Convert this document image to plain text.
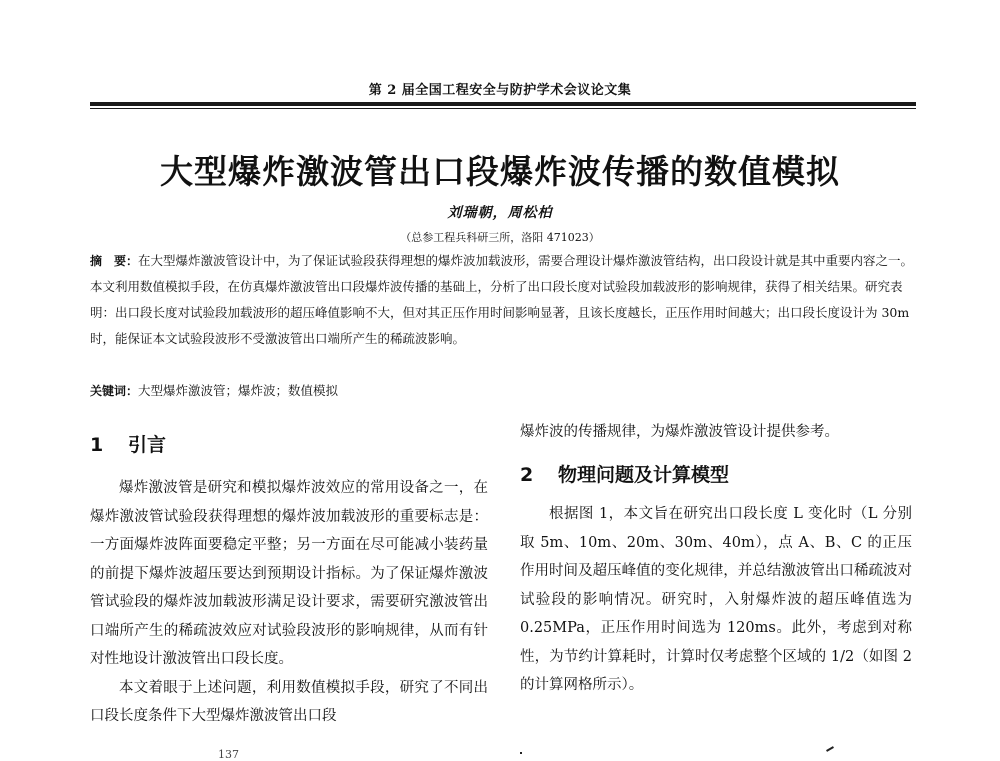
第 2 届全国工程安全与防护学术会议论文集
大型爆炸激波管出口段爆炸波传播的数值模拟
刘瑞朝，周松柏
（总参工程兵科研三所，洛阳 471023）
摘　要：在大型爆炸激波管设计中，为了保证试验段获得理想的爆炸波加载波形，需要合理设计爆炸激波管结构，出口段设计就是其中重要内容之一。本文利用数值模拟手段，在仿真爆炸激波管出口段爆炸波传播的基础上，分析了出口段长度对试验段加载波形的影响规律，获得了相关结果。研究表明：出口段长度对试验段加载波形的超压峰值影响不大，但对其正压作用时间影响显著，且该长度越长，正压作用时间越大；出口段长度设计为 30m 时，能保证本文试验段波形不受激波管出口端所产生的稀疏波影响。
关键词：大型爆炸激波管；爆炸波；数值模拟
1 引言

爆炸激波管是研究和模拟爆炸波效应的常用设备之一，在爆炸激波管试验段获得理想的爆炸波加载波形的重要标志是：一方面爆炸波阵面要稳定平整；另一方面在尽可能减小装药量的前提下爆炸波超压要达到预期设计指标。为了保证爆炸激波管试验段的爆炸波加载波形满足设计要求，需要研究激波管出口端所产生的稀疏波效应对试验段波形的影响规律，从而有针对性地设计激波管出口段长度。

本文着眼于上述问题，利用数值模拟手段，研究了不同出口段长度条件下大型爆炸激波管出口段

爆炸波的传播规律，为爆炸激波管设计提供参考。
2 物理问题及计算模型

根据图 1，本文旨在研究出口段长度 L 变化时（L 分别取 5m、10m、20m、30m、40m），点 A、B、C 的正压作用时间及超压峰值的变化规律，并总结激波管出口稀疏波对试验段的影响情况。研究时，入射爆炸波的超压峰值选为 0.25MPa，正压作用时间选为 120ms。此外，考虑到对称性，为节约计算耗时，计算时仅考虑整个区域的 1/2（如图 2 的计算网格所示）。

137
